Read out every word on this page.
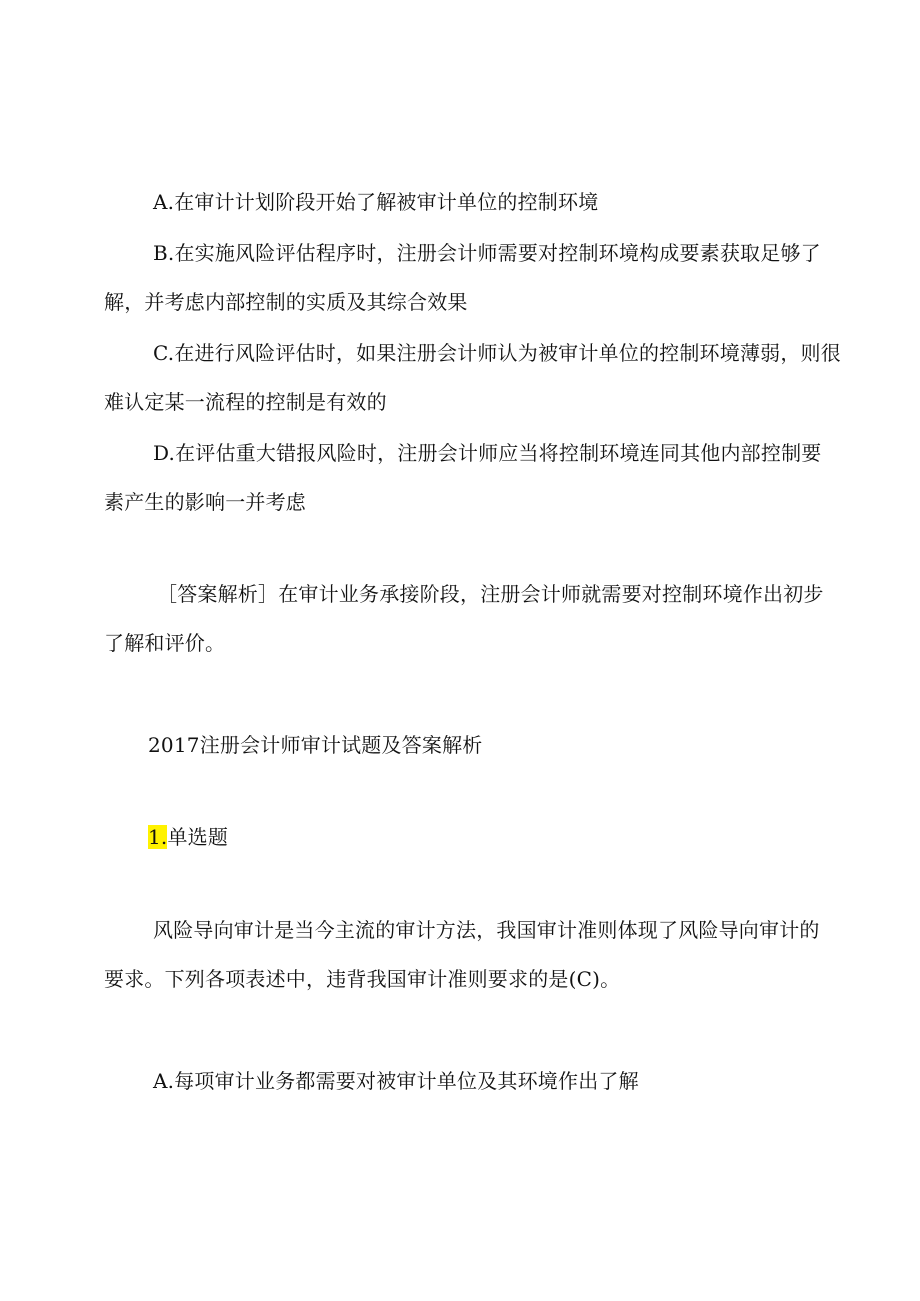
A.在审计计划阶段开始了解被审计单位的控制环境
B.在实施风险评估程序时，注册会计师需要对控制环境构成要素获取足够了
解，并考虑内部控制的实质及其综合效果
C.在进行风险评估时，如果注册会计师认为被审计单位的控制环境薄弱，则很
难认定某一流程的控制是有效的
D.在评估重大错报风险时，注册会计师应当将控制环境连同其他内部控制要
素产生的影响一并考虑
［答案解析］在审计业务承接阶段，注册会计师就需要对控制环境作出初步
了解和评价。
2017注册会计师审计试题及答案解析
1.单选题
风险导向审计是当今主流的审计方法，我国审计准则体现了风险导向审计的
要求。下列各项表述中，违背我国审计准则要求的是(C)。
A.每项审计业务都需要对被审计单位及其环境作出了解
